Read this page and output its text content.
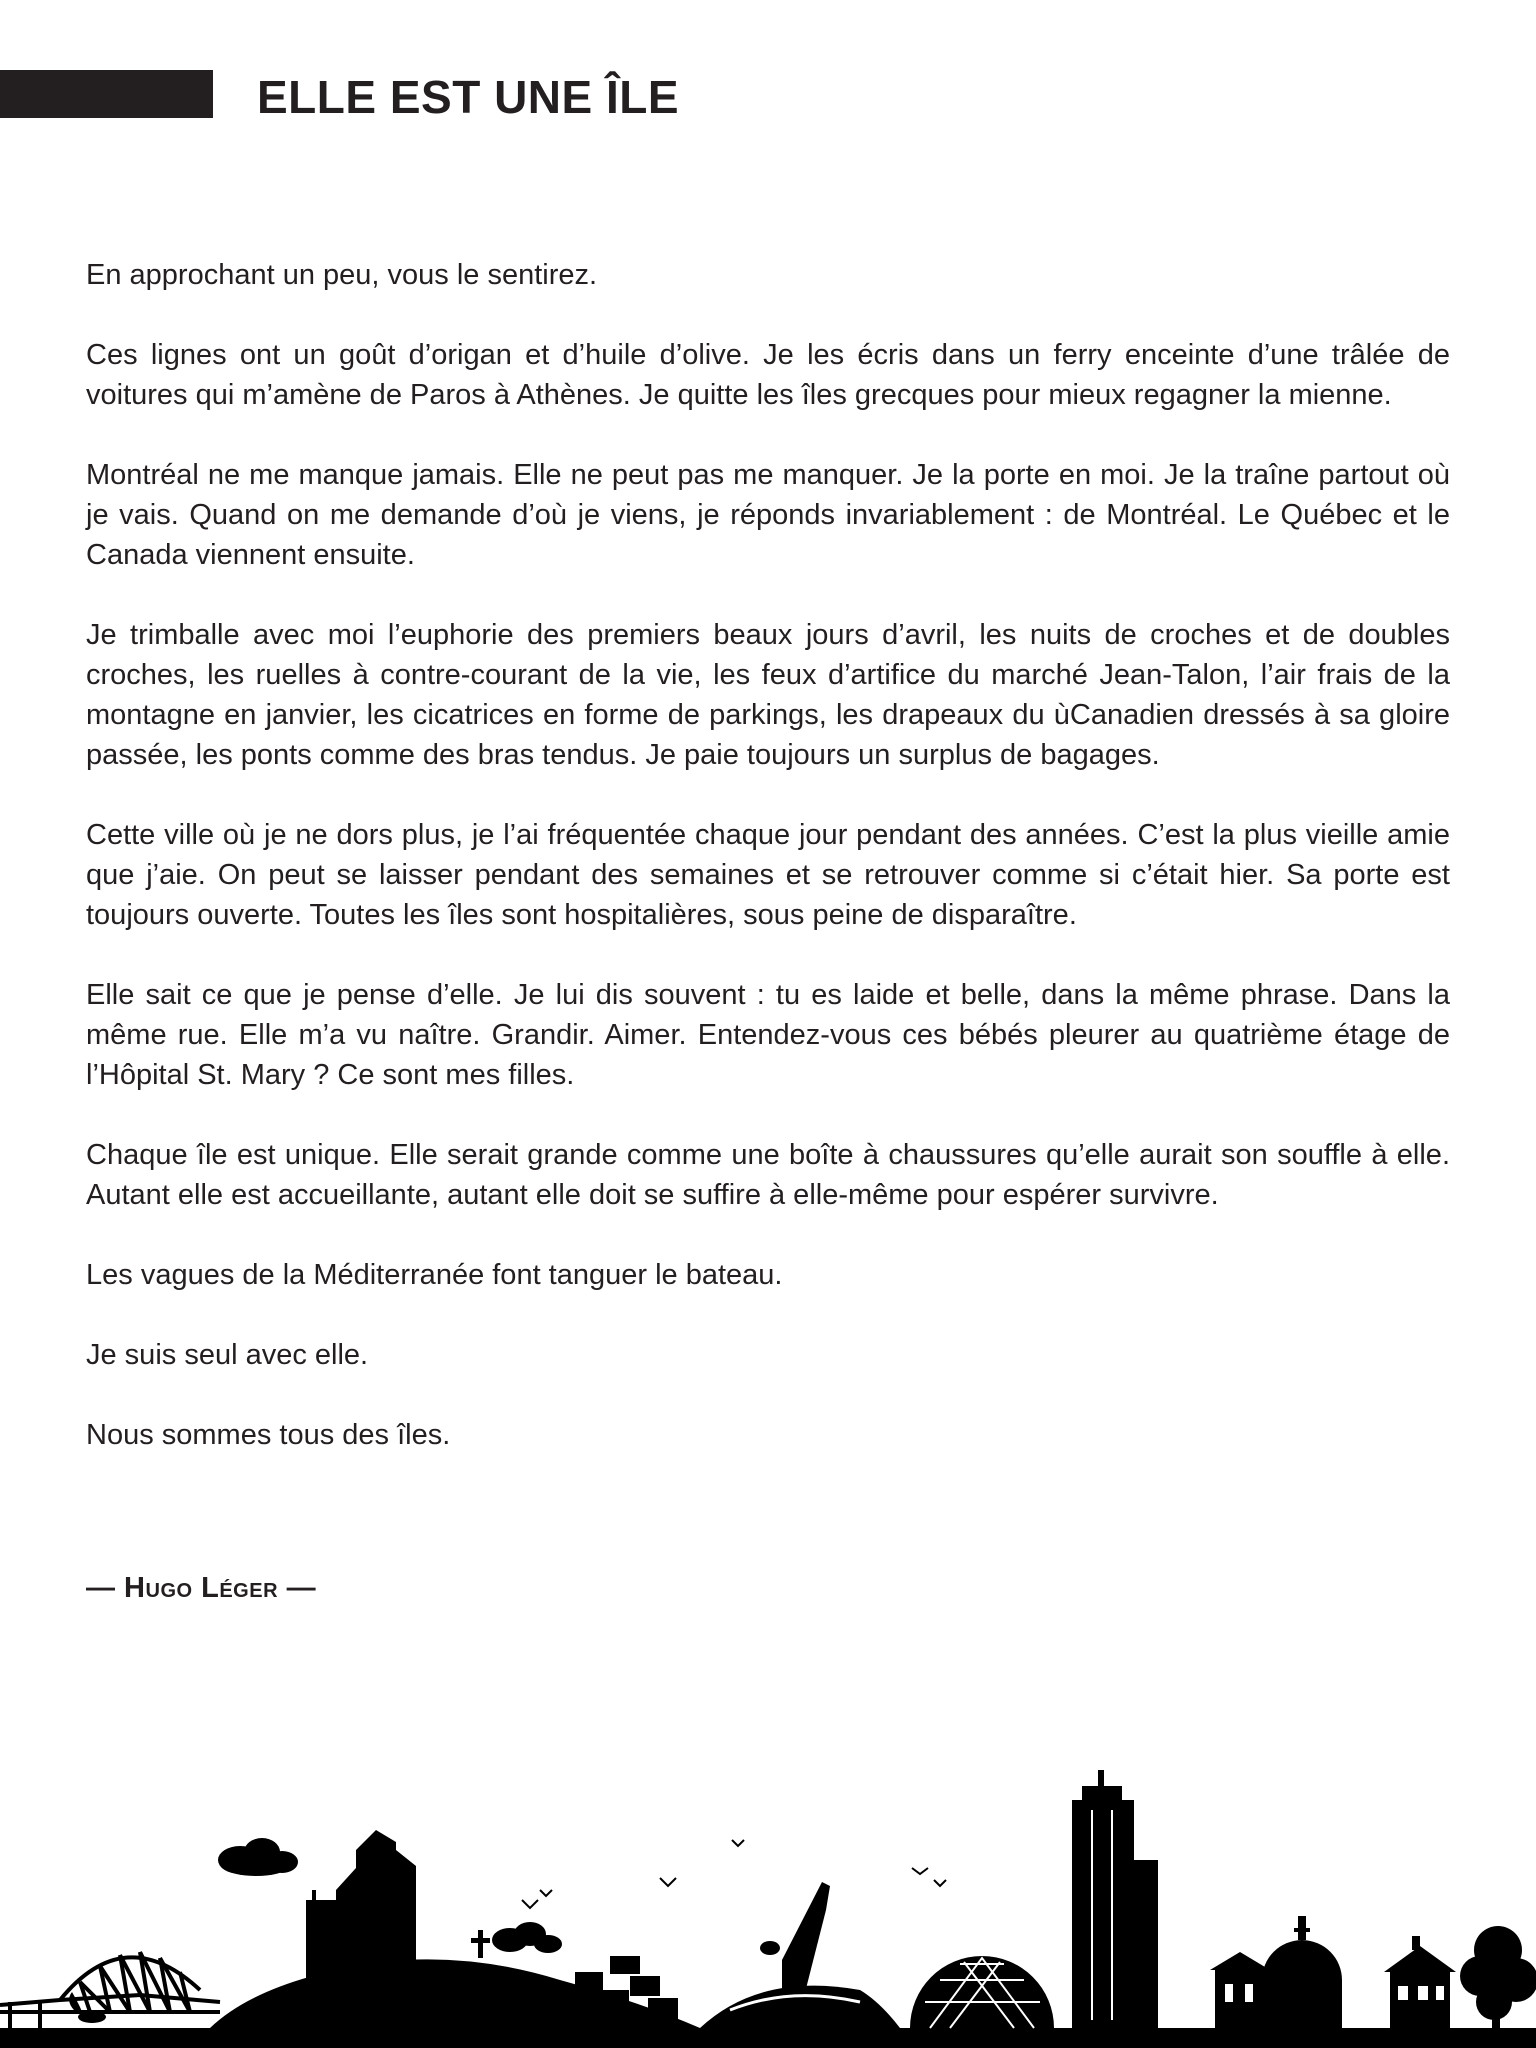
ELLE EST UNE ÎLE

En approchant un peu, vous le sentirez.

Ces lignes ont un goût d’origan et d’huile d’olive. Je les écris dans un ferry enceinte d’une trâlée de voitures qui m’amène de Paros à Athènes. Je quitte les îles grecques pour mieux regagner la mienne.

Montréal ne me manque jamais. Elle ne peut pas me manquer. Je la porte en moi. Je la traîne partout où je vais. Quand on me demande d’où je viens, je réponds invariablement : de Montréal. Le Québec et le Canada viennent ensuite.

Je trimballe avec moi l’euphorie des premiers beaux jours d’avril, les nuits de croches et de doubles croches, les ruelles à contre-courant de la vie, les feux d’artifice du marché Jean-Talon, l’air frais de la montagne en janvier, les cicatrices en forme de parkings, les drapeaux du ùCanadien dressés à sa gloire passée, les ponts comme des bras tendus. Je paie toujours un surplus de bagages.

Cette ville où je ne dors plus, je l’ai fréquentée chaque jour pendant des années. C’est la plus vieille amie que j’aie. On peut se laisser pendant des semaines et se retrouver comme si c’était hier. Sa porte est toujours ouverte. Toutes les îles sont hospitalières, sous peine de disparaître.

Elle sait ce que je pense d’elle. Je lui dis souvent : tu es laide et belle, dans la même phrase. Dans la même rue. Elle m’a vu naître. Grandir. Aimer. Entendez-vous ces bébés pleurer au quatrième étage de l’Hôpital St. Mary ? Ce sont mes filles.

Chaque île est unique. Elle serait grande comme une boîte à chaussures qu’elle aurait son souffle à elle. Autant elle est accueillante, autant elle doit se suffire à elle-même pour espérer survivre.

Les vagues de la Méditerranée font tanguer le bateau.

Je suis seul avec elle.

Nous sommes tous des îles.

— Hugo Léger —
